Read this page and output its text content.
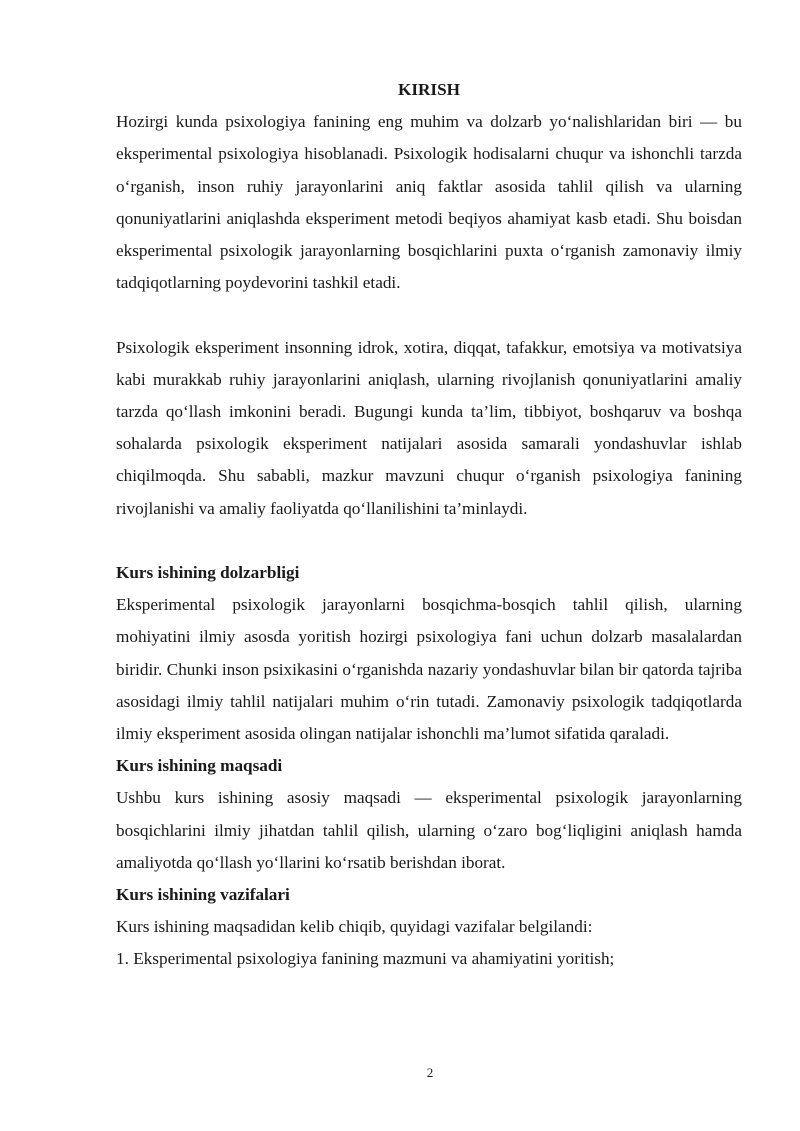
KIRISH

Hozirgi kunda psixologiya fanining eng muhim va dolzarb yo‘nalishlaridan biri — bu eksperimental psixologiya hisoblanadi. Psixologik hodisalarni chuqur va ishonchli tarzda o‘rganish, inson ruhiy jarayonlarini aniq faktlar asosida tahlil qilish va ularning qonuniyatlarini aniqlashda eksperiment metodi beqiyos ahamiyat kasb etadi. Shu boisdan eksperimental psixologik jarayonlarning bosqichlarini puxta o‘rganish zamonaviy ilmiy tadqiqotlarning poydevorini tashkil etadi.

Psixologik eksperiment insonning idrok, xotira, diqqat, tafakkur, emotsiya va motivatsiya kabi murakkab ruhiy jarayonlarini aniqlash, ularning rivojlanish qonuniyatlarini amaliy tarzda qo‘llash imkonini beradi. Bugungi kunda ta’lim, tibbiyot, boshqaruv va boshqa sohalarda psixologik eksperiment natijalari asosida samarali yondashuvlar ishlab chiqilmoqda. Shu sababli, mazkur mavzuni chuqur o‘rganish psixologiya fanining rivojlanishi va amaliy faoliyatda qo‘llanilishini ta’minlaydi.

Kurs ishining dolzarbligi

Eksperimental psixologik jarayonlarni bosqichma-bosqich tahlil qilish, ularning mohiyatini ilmiy asosda yoritish hozirgi psixologiya fani uchun dolzarb masalalardan biridir. Chunki inson psixikasini o‘rganishda nazariy yondashuvlar bilan bir qatorda tajriba asosidagi ilmiy tahlil natijalari muhim o‘rin tutadi. Zamonaviy psixologik tadqiqotlarda ilmiy eksperiment asosida olingan natijalar ishonchli ma’lumot sifatida qaraladi.

Kurs ishining maqsadi

Ushbu kurs ishining asosiy maqsadi — eksperimental psixologik jarayonlarning bosqichlarini ilmiy jihatdan tahlil qilish, ularning o‘zaro bog‘liqligini aniqlash hamda amaliyotda qo‘llash yo‘llarini ko‘rsatib berishdan iborat.

Kurs ishining vazifalari

Kurs ishining maqsadidan kelib chiqib, quyidagi vazifalar belgilandi:

1. Eksperimental psixologiya fanining mazmuni va ahamiyatini yoritish;

2
